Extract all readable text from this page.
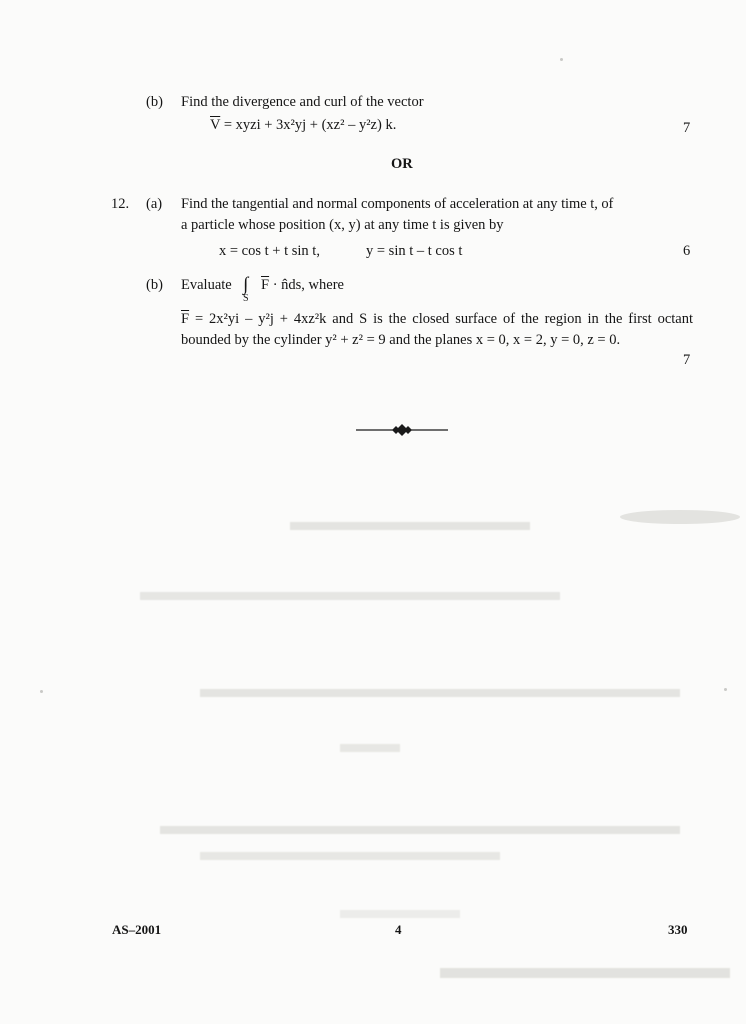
(b) Find the divergence and curl of the vector
$\overline{V}$ = xyzi + 3x²yj + (xz² – y²z) k.	7
OR
12. (a) Find the tangential and normal components of acceleration at any time t, of
a particle whose position (x, y) at any time t is given by
x = cos t + t sin t,	y = sin t – t cos t	6
(b) Evaluate ∫
S
$\overline{F}$ · n̂ds, where
$\overline{F} = 2x^2yi - y^2j + 4xz^2k$ and S is the closed surface of the region in the first octant bounded by the cylinder y² + z² = 9 and the planes x = 0, x = 2, y = 0, z = 0.
7
AS–2001	4	330
